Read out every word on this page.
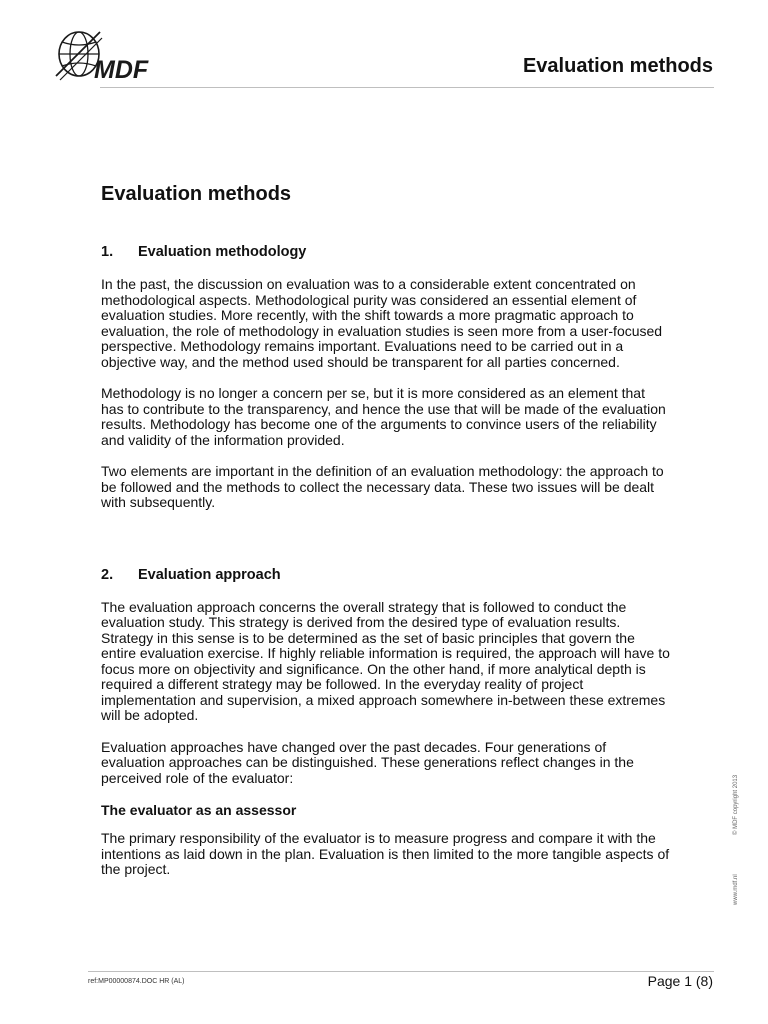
MDF	Evaluation methods
Evaluation methods
1.	Evaluation methodology

In the past, the discussion on evaluation was to a considerable extent concentrated on methodological aspects. Methodological purity was considered an essential element of evaluation studies. More recently, with the shift towards a more pragmatic approach to evaluation, the role of methodology in evaluation studies is seen more from a user-focused perspective. Methodology remains important. Evaluations need to be carried out in a objective way, and the method used should be transparent for all parties concerned.

Methodology is no longer a concern per se, but it is more considered as an element that has to contribute to the transparency, and hence the use that will be made of the evaluation results. Methodology has become one of the arguments to convince users of the reliability and validity of the information provided.

Two elements are important in the definition of an evaluation methodology: the approach to be followed and the methods to collect the necessary data. These two issues will be dealt with subsequently.

2.	Evaluation approach

The evaluation approach concerns the overall strategy that is followed to conduct the evaluation study. This strategy is derived from the desired type of evaluation results. Strategy in this sense is to be determined as the set of basic principles that govern the entire evaluation exercise. If highly reliable information is required, the approach will have to focus more on objectivity and significance. On the other hand, if more analytical depth is required a different strategy may be followed. In the everyday reality of project implementation and supervision, a mixed approach somewhere in-between these extremes will be adopted.

Evaluation approaches have changed over the past decades. Four generations of evaluation approaches can be distinguished. These generations reflect changes in the perceived role of the evaluator:

The evaluator as an assessor

The primary responsibility of the evaluator is to measure progress and compare it with the intentions as laid down in the plan. Evaluation is then limited to the more tangible aspects of the project.

© MDF copyright 2013
www.mdf.nl
ref:MP00000874.DOC HR (AL)	Page 1 (8)
